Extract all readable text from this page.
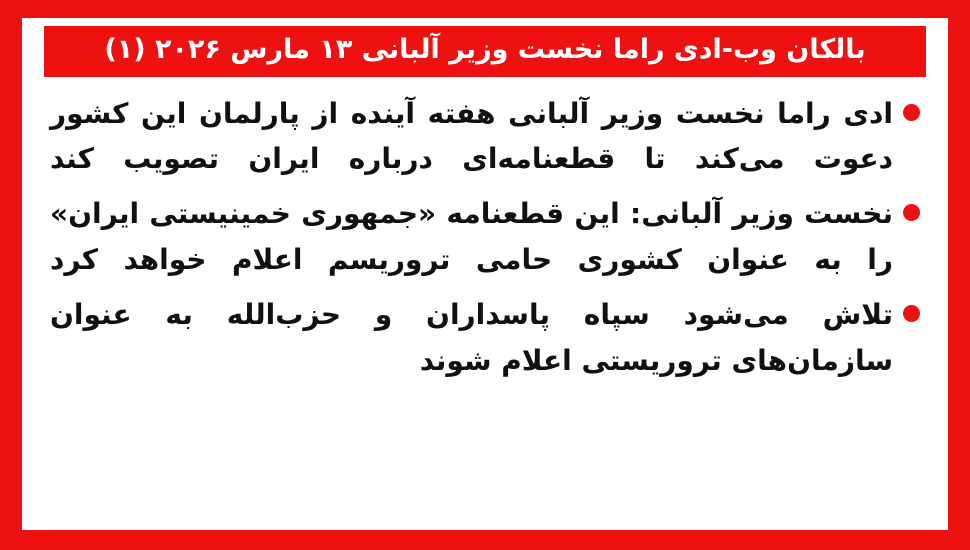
بالکان وب-ادی راما نخست وزیر آلبانی ۱۳ مارس ۲۰۲۶ (۱)
ادی راما نخست وزیر آلبانی هفته آینده از پارلمان این کشور دعوت می‌کند تا قطعنامه‌ای درباره ایران تصویب کند
نخست وزیر آلبانی: این قطعنامه «جمهوری خمینیستی ایران» را به عنوان کشوری حامی تروریسم اعلام خواهد کرد
تلاش می‌شود سپاه پاسداران و حزب‌الله به عنوان سازمان‌های تروریستی اعلام شوند
